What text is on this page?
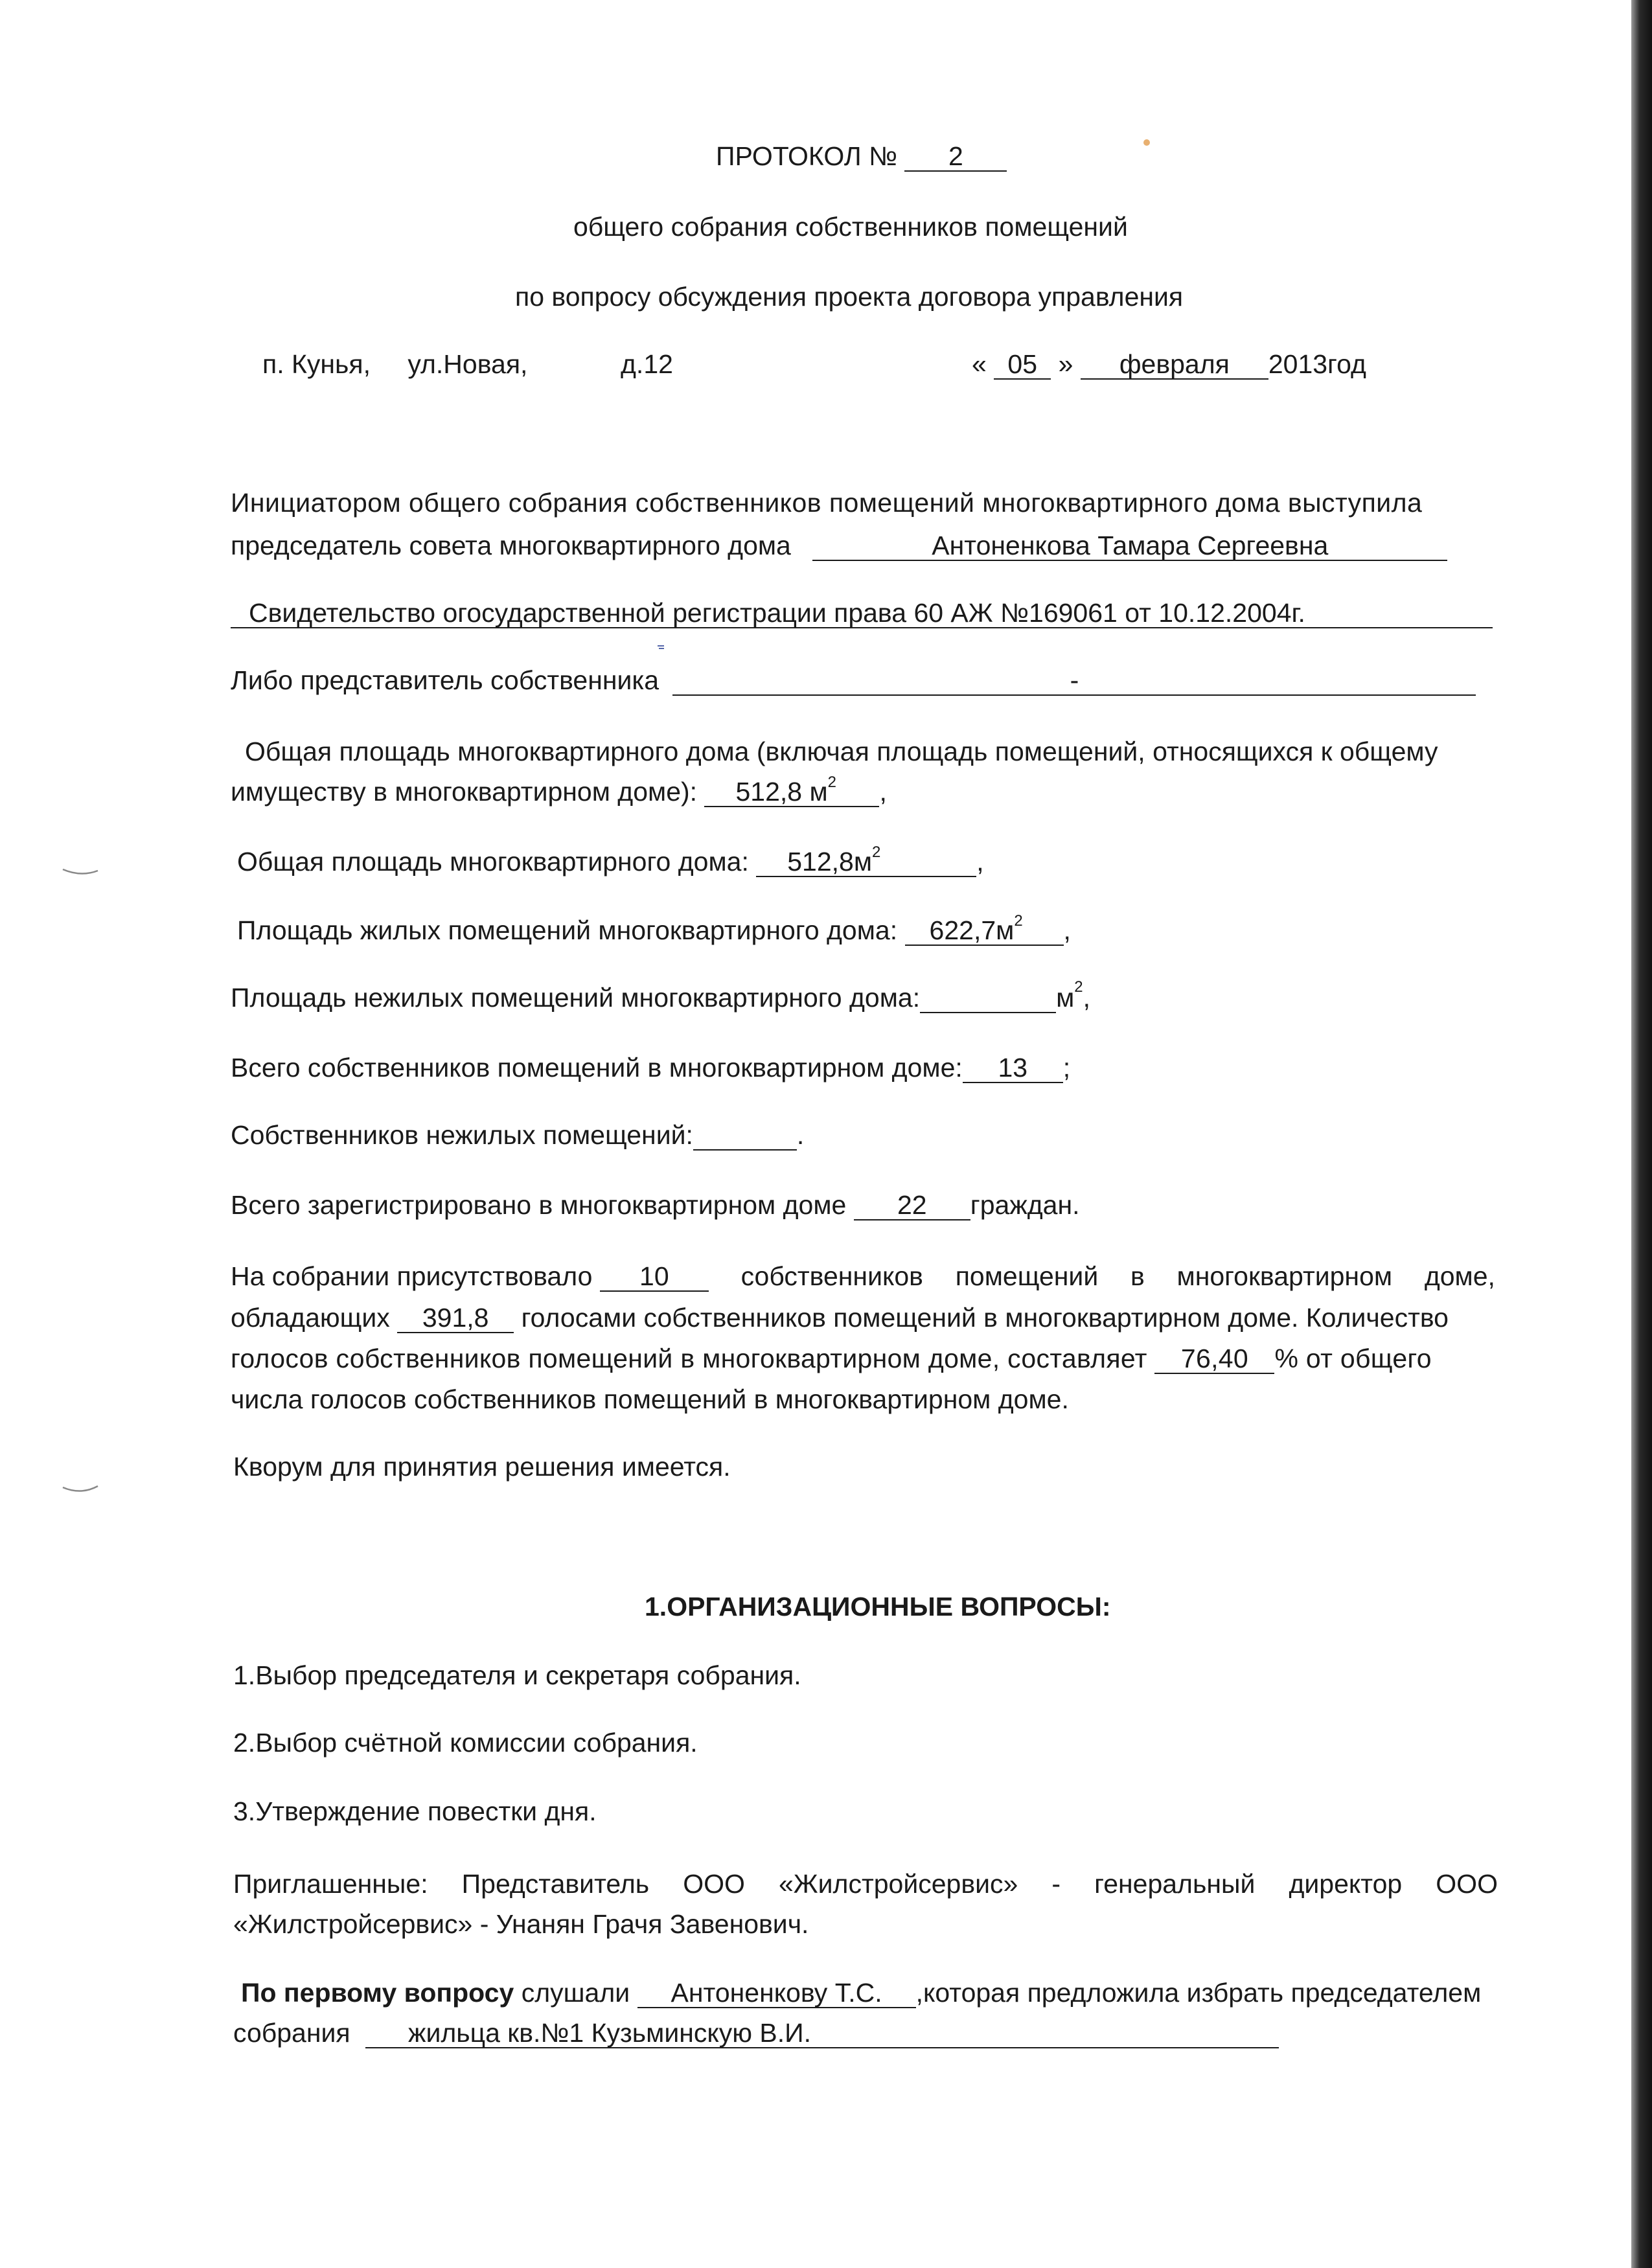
ПРОТОКОЛ № 2
общего собрания собственников помещений
по вопросу обсуждения проекта договора управления
п. Кунья, ул.Новая,	д.12	« 05 » февраля 2013год
Инициатором общего собрания собственников помещений многоквартирного дома выступила
председатель совета многоквартирного дома	Антоненкова Тамара Сергеевна
Свидетельство огосударственной регистрации права 60 АЖ №169061 от 10.12.2004г.
Либо представитель собственника	-
Общая площадь многоквартирного дома (включая площадь помещений, относящихся к общему
имуществу в многоквартирном доме): 512,8 $м^2$ ,
Общая площадь многоквартирного дома: $512,8м^2$	,
Площадь жилых помещений многоквартирного дома: $622,7м^2$ ,
Площадь нежилых помещений многоквартирного дома:	$м^2$,
Всего собственников помещений в многоквартирном доме: 13 ;
Собственников нежилых помещений:	.
Всего зарегистрировано в многоквартирном доме 22 граждан.
На собрании присутствовало 10	собственников помещений в многоквартирном доме,
обладающих 391,8 голосами собственников помещений в многоквартирном доме. Количество
голосов собственников помещений в многоквартирном доме, составляет 76,40 % от общего
числа голосов собственников помещений в многоквартирном доме.
Кворум для принятия решения имеется.
1.ОРГАНИЗАЦИОННЫЕ ВОПРОСЫ:
1.Выбор председателя и секретаря собрания.
2.Выбор счётной комиссии собрания.
3.Утверждение повестки дня.
Приглашенные: Представитель ООО «Жилстройсервис» - генеральный директор ООО
«Жилстройсервис» - Унанян Грачя Завенович.
По первому вопросу слушали Антоненкову Т.С. ,которая предложила избрать председателем
собрания жильца кв.№1 Кузьминскую В.И.
